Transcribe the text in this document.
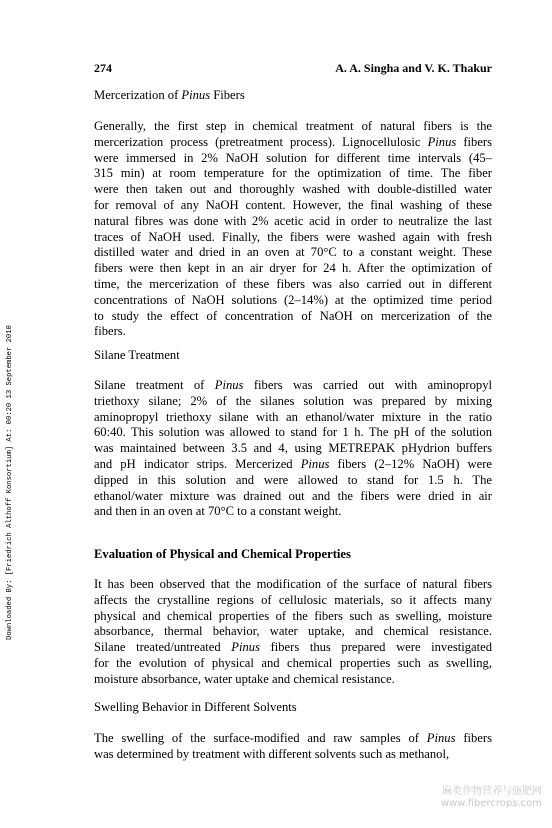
274	A. A. Singha and V. K. Thakur
Downloaded By: [Friedrich Althoff Konsortium] At: 00:20 13 September 2010
Mercerization of Pinus Fibers
Generally, the first step in chemical treatment of natural fibers is the
mercerization process (pretreatment process). Lignocellulosic Pinus fibers
were immersed in 2% NaOH solution for different time intervals (45–
315 min) at room temperature for the optimization of time. The fiber
were then taken out and thoroughly washed with double-distilled water
for removal of any NaOH content. However, the final washing of these
natural fibres was done with 2% acetic acid in order to neutralize the last
traces of NaOH used. Finally, the fibers were washed again with fresh
distilled water and dried in an oven at 70°C to a constant weight. These
fibers were then kept in an air dryer for 24 h. After the optimization of
time, the mercerization of these fibers was also carried out in different
concentrations of NaOH solutions (2–14%) at the optimized time period
to study the effect of concentration of NaOH on mercerization of the
fibers.
Silane Treatment
Silane treatment of Pinus fibers was carried out with aminopropyl
triethoxy silane; 2% of the silanes solution was prepared by mixing
aminopropyl triethoxy silane with an ethanol/water mixture in the ratio
60:40. This solution was allowed to stand for 1 h. The pH of the solution
was maintained between 3.5 and 4, using METREPAK pHydrion buffers
and pH indicator strips. Mercerized Pinus fibers (2–12% NaOH) were
dipped in this solution and were allowed to stand for 1.5 h. The
ethanol/water mixture was drained out and the fibers were dried in air
and then in an oven at 70°C to a constant weight.
Evaluation of Physical and Chemical Properties
It has been observed that the modification of the surface of natural fibers
affects the crystalline regions of cellulosic materials, so it affects many
physical and chemical properties of the fibers such as swelling, moisture
absorbance, thermal behavior, water uptake, and chemical resistance.
Silane treated/untreated Pinus fibers thus prepared were investigated
for the evolution of physical and chemical properties such as swelling,
moisture absorbance, water uptake and chemical resistance.
Swelling Behavior in Different Solvents
The swelling of the surface-modified and raw samples of Pinus fibers
was determined by treatment with different solvents such as methanol,
麻类作物营养与施肥网
www.fibercrops.com
